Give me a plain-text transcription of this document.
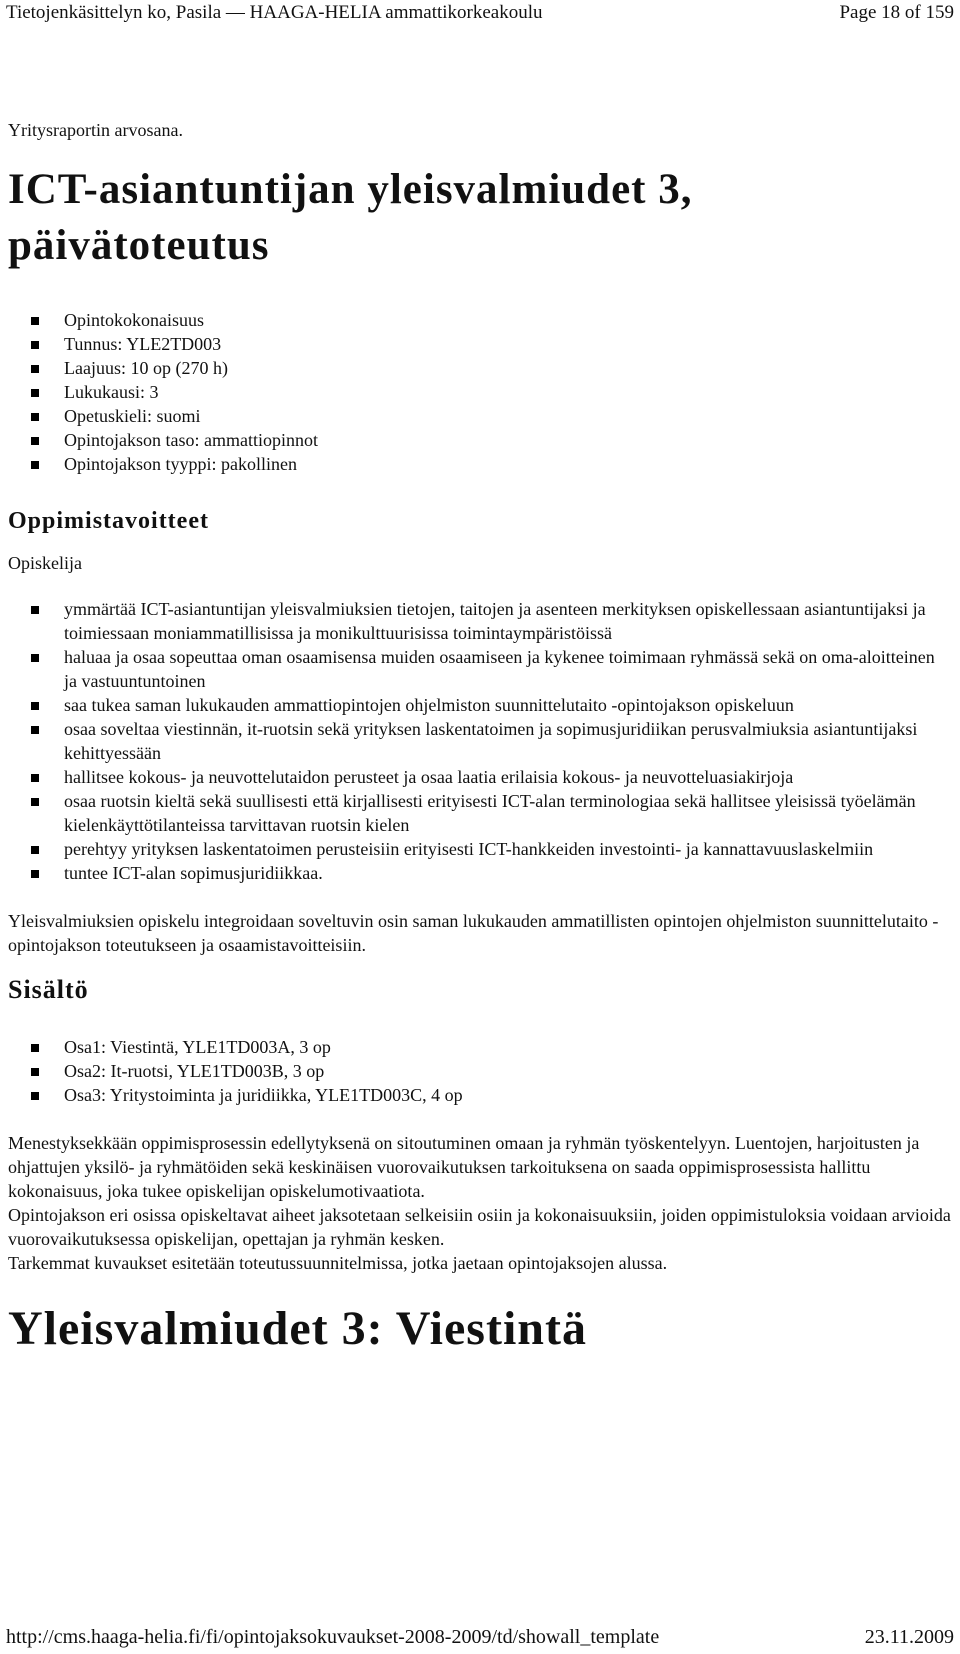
Tietojenkäsittelyn ko, Pasila — HAAGA-HELIA ammattikorkeakoulu	Page 18 of 159

Yritysraportin arvosana.

ICT-asiantuntijan yleisvalmiudet 3, päivätoteutus
Opintokokonaisuus
Tunnus: YLE2TD003
Laajuus: 10 op (270 h)
Lukukausi: 3
Opetuskieli: suomi
Opintojakson taso: ammattiopinnot
Opintojakson tyyppi: pakollinen
Oppimistavoitteet

Opiskelija

ymmärtää ICT-asiantuntijan yleisvalmiuksien tietojen, taitojen ja asenteen merkityksen opiskellessaan asiantuntijaksi ja toimiessaan moniammatillisissa ja monikulttuurisissa toimintaympäristöissä
haluaa ja osaa sopeuttaa oman osaamisensa muiden osaamiseen ja kykenee toimimaan ryhmässä sekä on oma-aloitteinen ja vastuuntuntoinen
saa tukea saman lukukauden ammattiopintojen ohjelmiston suunnittelutaito -opintojakson opiskeluun
osaa soveltaa viestinnän, it-ruotsin sekä yrityksen laskentatoimen ja sopimusjuridiikan perusvalmiuksia asiantuntijaksi kehittyessään
hallitsee kokous- ja neuvottelutaidon perusteet ja osaa laatia erilaisia kokous- ja neuvotteluasiakirjoja
osaa ruotsin kieltä sekä suullisesti että kirjallisesti erityisesti ICT-alan terminologiaa sekä hallitsee yleisissä työelämän kielenkäyttötilanteissa tarvittavan ruotsin kielen
perehtyy yrityksen laskentatoimen perusteisiin erityisesti ICT-hankkeiden investointi- ja kannattavuuslaskelmiin
tuntee ICT-alan sopimusjuridiikkaa.

Yleisvalmiuksien opiskelu integroidaan soveltuvin osin saman lukukauden ammatillisten opintojen ohjelmiston suunnittelutaito -opintojakson toteutukseen ja osaamistavoitteisiin.

Sisältö
Osa1: Viestintä, YLE1TD003A, 3 op
Osa2: It-ruotsi, YLE1TD003B, 3 op
Osa3: Yritystoiminta ja juridiikka, YLE1TD003C, 4 op

Menestyksekkään oppimisprosessin edellytyksenä on sitoutuminen omaan ja ryhmän työskentelyyn. Luentojen, harjoitusten ja ohjattujen yksilö- ja ryhmätöiden sekä keskinäisen vuorovaikutuksen tarkoituksena on saada oppimisprosessista hallittu kokonaisuus, joka tukee opiskelijan opiskelumotivaatiota.

Opintojakson eri osissa opiskeltavat aiheet jaksotetaan selkeisiin osiin ja kokonaisuuksiin, joiden oppimistuloksia voidaan arvioida vuorovaikutuksessa opiskelijan, opettajan ja ryhmän kesken.

Tarkemmat kuvaukset esitetään toteutussuunnitelmissa, jotka jaetaan opintojaksojen alussa.

Yleisvalmiudet 3: Viestintä
http://cms.haaga-helia.fi/fi/opintojaksokuvaukset-2008-2009/td/showall_template	23.11.2009
